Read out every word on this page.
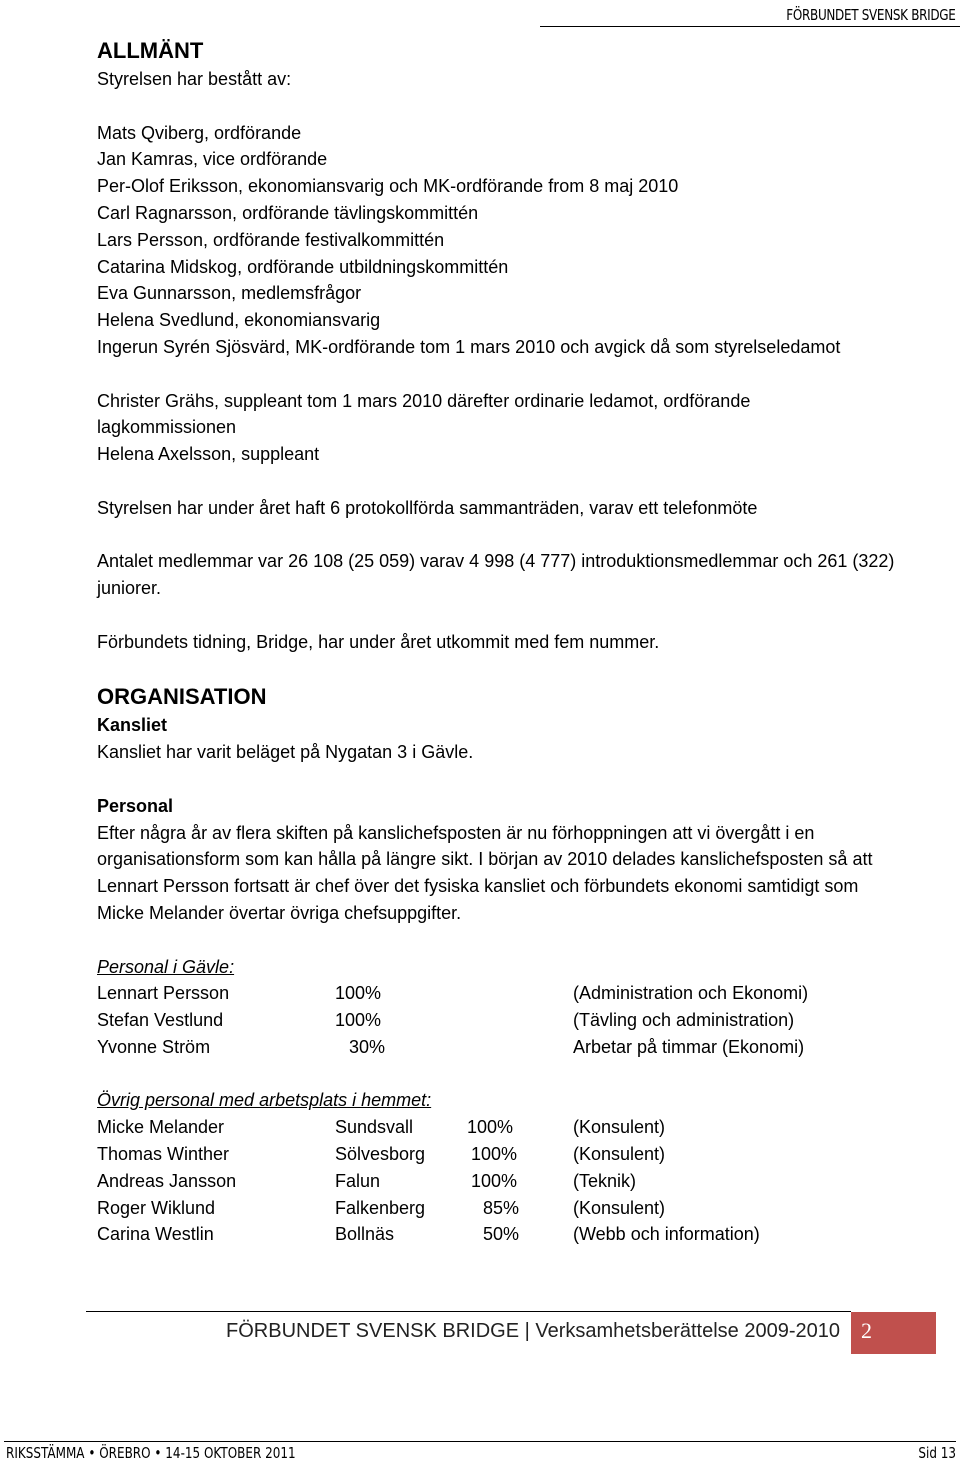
FÖRBUNDET SVENSK BRIDGE
ALLMÄNT
Styrelsen har bestått av:
Mats Qviberg, ordförande
Jan Kamras, vice ordförande
Per-Olof Eriksson, ekonomiansvarig och MK-ordförande from 8 maj 2010
Carl Ragnarsson, ordförande tävlingskommittén
Lars Persson, ordförande festivalkommittén
Catarina Midskog, ordförande utbildningskommittén
Eva Gunnarsson, medlemsfrågor
Helena Svedlund, ekonomiansvarig
Ingerun Syrén Sjösvärd, MK-ordförande tom 1 mars 2010 och avgick då som styrelseledamot
Christer Grähs, suppleant tom 1 mars 2010 därefter ordinarie ledamot, ordförande lagkommissionen
Helena Axelsson, suppleant
Styrelsen har under året haft 6 protokollförda sammanträden, varav ett telefonmöte
Antalet medlemmar var 26 108 (25 059) varav 4 998 (4 777) introduktionsmedlemmar och 261 (322) juniorer.
Förbundets tidning, Bridge, har under året utkommit med fem nummer.
ORGANISATION
Kansliet
Kansliet har varit beläget på Nygatan 3 i Gävle.
Personal
Efter några år av flera skiften på kanslichefsposten är nu förhoppningen att vi övergått i en organisationsform som kan hålla på längre sikt. I början av 2010 delades kanslichefsposten så att Lennart Persson fortsatt är chef över det fysiska kansliet och förbundets ekonomi samtidigt som Micke Melander övertar övriga chefsuppgifter.
Personal i Gävle:
Lennart Persson	100%	(Administration och Ekonomi)
Stefan Vestlund	100%	(Tävling och administration)
Yvonne Ström	30%	Arbetar på timmar (Ekonomi)
Övrig personal med arbetsplats i hemmet:
Micke Melander	Sundsvall	100%	(Konsulent)
Thomas Winther	Sölvesborg	100%	(Konsulent)
Andreas Jansson	Falun	100%	(Teknik)
Roger Wiklund	Falkenberg	85%	(Konsulent)
Carina Westlin	Bollnäs	50%	(Webb och information)
FÖRBUNDET SVENSK BRIDGE | Verksamhetsberättelse 2009-2010 2
RIKSSTÄMMA • ÖREBRO • 14-15 OKTOBER 2011	Sid 13
